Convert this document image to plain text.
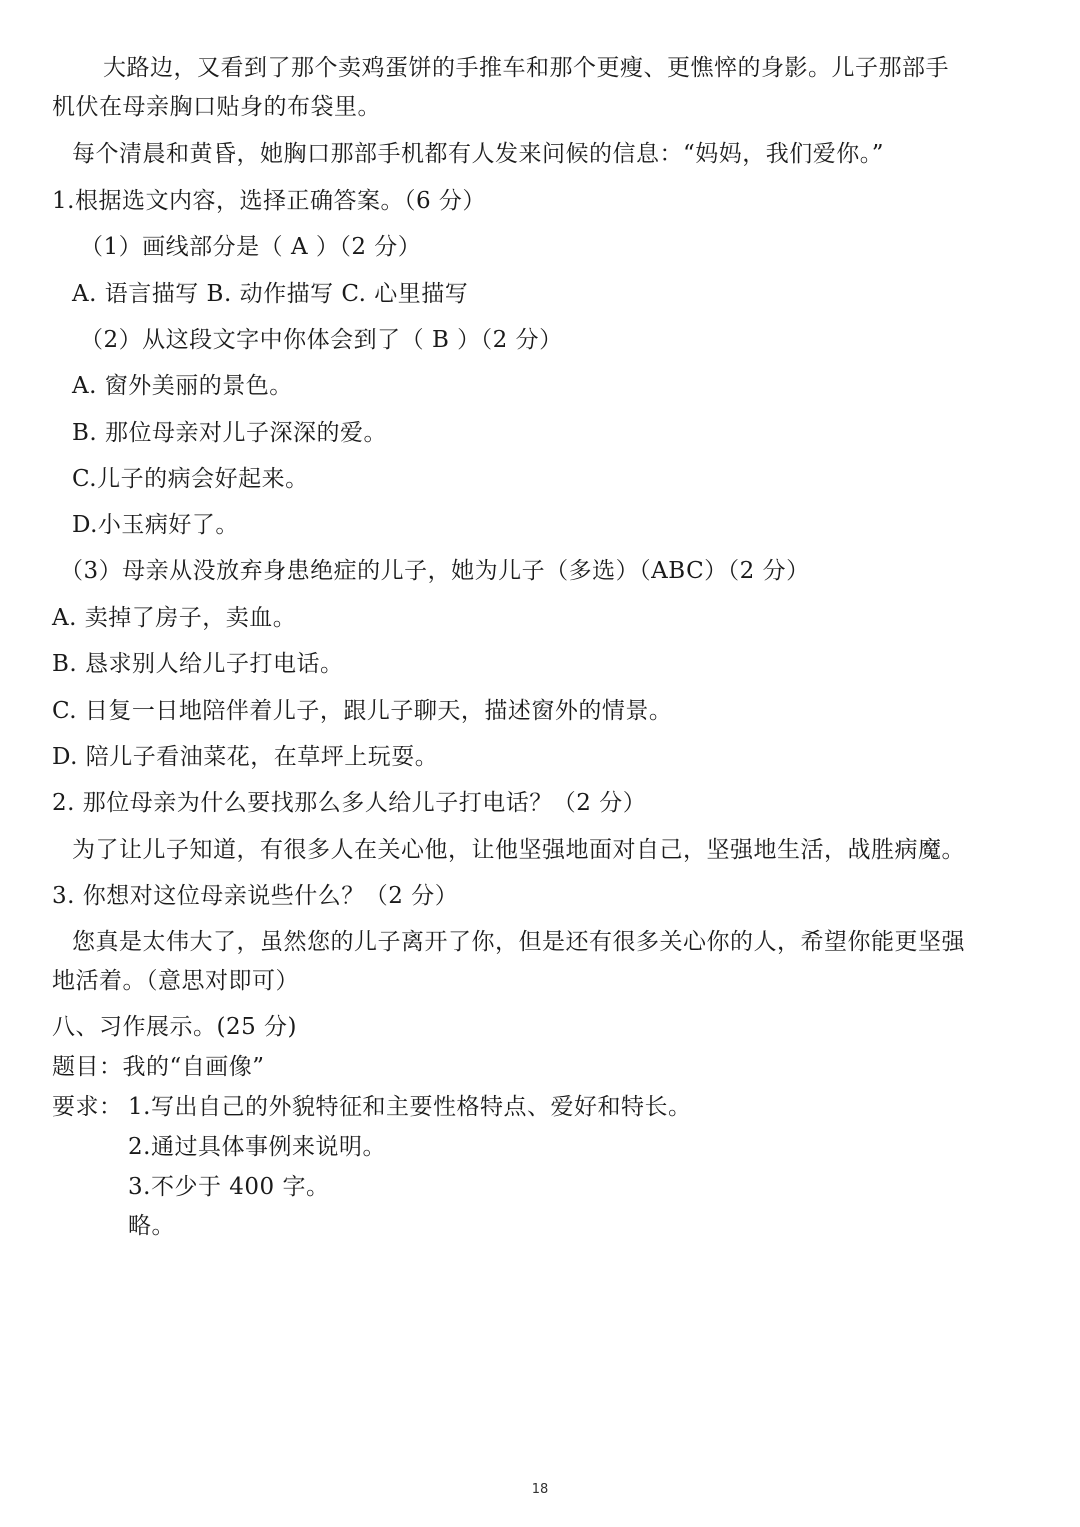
大路边，又看到了那个卖鸡蛋饼的手推车和那个更瘦、更憔悴的身影。儿子那部手
机伏在母亲胸口贴身的布袋里。
每个清晨和黄昏，她胸口那部手机都有人发来问候的信息：“妈妈，我们爱你。”
1.根据选文内容，选择正确答案。（6 分）
（1）画线部分是（ A ）（2 分）
A. 语言描写 B. 动作描写 C. 心里描写
（2）从这段文字中你体会到了（ B ）（2 分）
A. 窗外美丽的景色。
B. 那位母亲对儿子深深的爱。
C.儿子的病会好起来。
D.小玉病好了。
（3）母亲从没放弃身患绝症的儿子，她为儿子（多选）（ABC）（2 分）
A. 卖掉了房子，卖血。
B. 恳求别人给儿子打电话。
C. 日复一日地陪伴着儿子，跟儿子聊天，描述窗外的情景。
D. 陪儿子看油菜花，在草坪上玩耍。
2. 那位母亲为什么要找那么多人给儿子打电话？（2 分）
为了让儿子知道，有很多人在关心他，让他坚强地面对自己，坚强地生活，战胜病魔。
3. 你想对这位母亲说些什么？（2 分）
您真是太伟大了，虽然您的儿子离开了你，但是还有很多关心你的人，希望你能更坚强
地活着。（意思对即可）
八、习作展示。(25 分)
题目：我的“自画像”
要求： 1.写出自己的外貌特征和主要性格特点、爱好和特长。
2.通过具体事例来说明。
3.不少于 400 字。
略。
18
